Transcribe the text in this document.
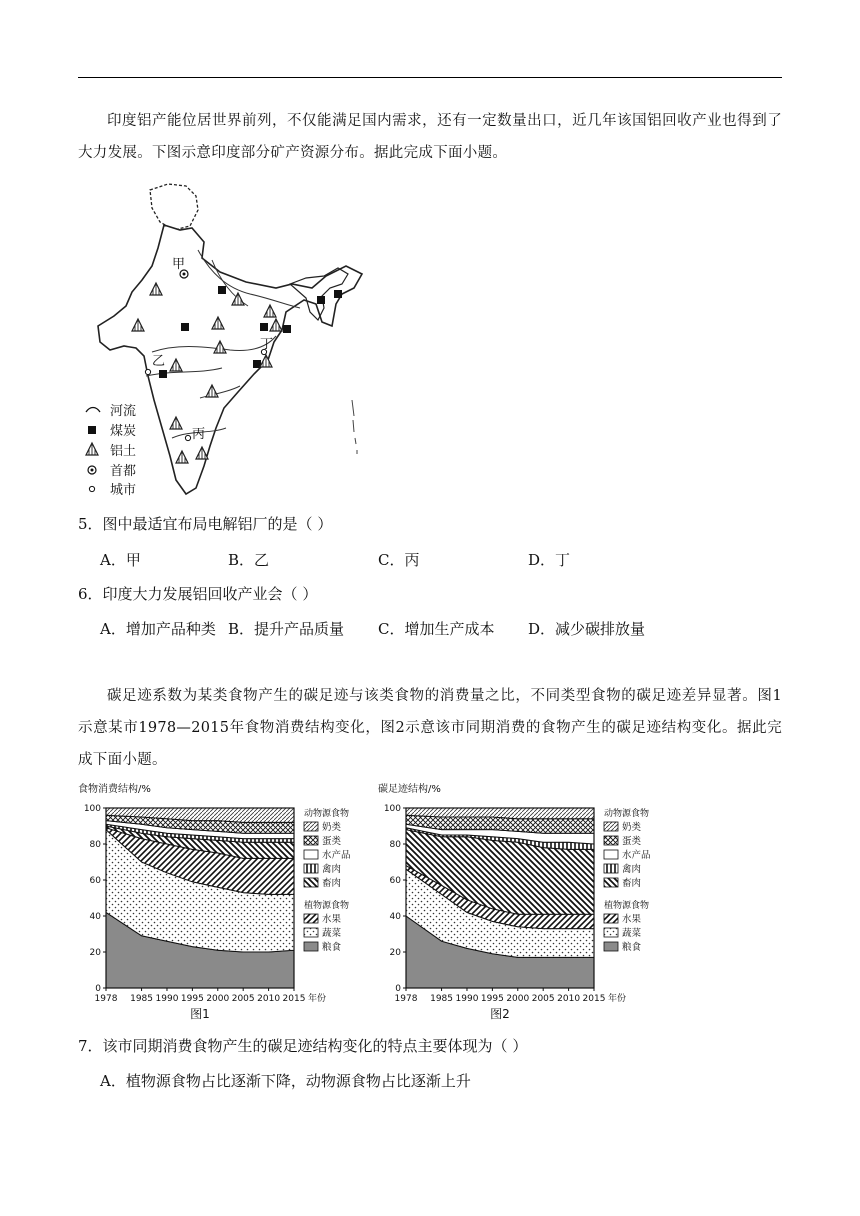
印度铝产能位居世界前列，不仅能满足国内需求，还有一定数量出口，近几年该国铝回收产业也得到了大力发展。下图示意印度部分矿产资源分布。据此完成下面小题。
甲
乙
丁
丙
河流
煤炭
铝土
首都
城市
5．图中最适宜布局电解铝厂的是（ ）
A．甲	B．乙	C．丙	D．丁
6．印度大力发展铝回收产业会（ ）
A．增加产品种类 B．提升产品质量 C．增加生产成本 D．减少碳排放量
碳足迹系数为某类食物产生的碳足迹与该类食物的消费量之比，不同类型食物的碳足迹差异显著。图1示意某市1978—2015年食物消费结构变化，图2示意该市同期消费的食物产生的碳足迹结构变化。据此完成下面小题。
食物消费结构/%
0
20
40
60
80
100
1978 1985 1990 1995 2000 2005 2010 2015 年份
图1
动物源食物
奶类
蛋类
水产品
禽肉
畜肉
植物源食物
水果
蔬菜
粮食
碳足迹结构/%
0
20
40
60
80
100
1978 1985 1990 1995 2000 2005 2010 2015 年份
图2
动物源食物
奶类
蛋类
水产品
禽肉
畜肉
植物源食物
水果
蔬菜
粮食
7．该市同期消费食物产生的碳足迹结构变化的特点主要体现为（ ）
A．植物源食物占比逐渐下降，动物源食物占比逐渐上升
